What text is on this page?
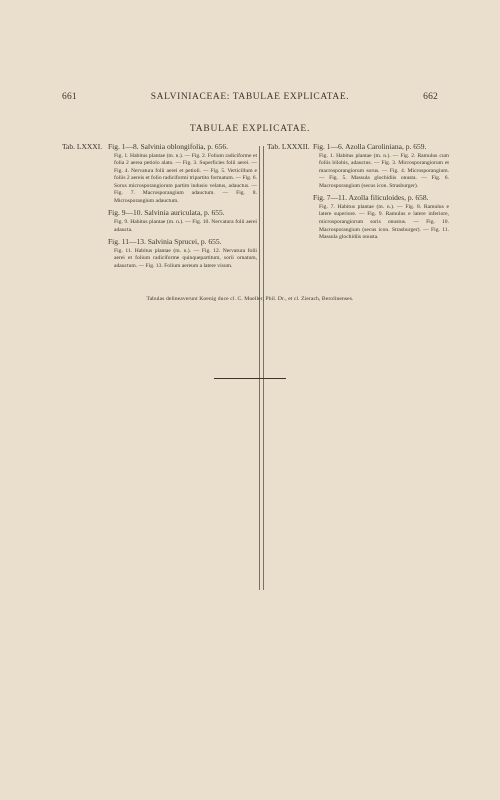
661	SALVINIACEAE: TABULAE EXPLICATAE.	662
TABULAE EXPLICATAE.
Tab. LXXXI. Fig. 1—8. Salvinia oblongifolia, p. 656.
Fig. 1. Habitus plantae (m. n.). — Fig. 2. Folium radiciforme et folia 2 aerea petiolo alato. — Fig. 3. Superficies folii aerei. — Fig. 4. Nervatura folii aerei et petioli. — Fig. 5. Verticillum e foliis 2 aereis et folio radiciformi tripartito formatum. — Fig. 6. Sorus microsporangiorum partim indusio velatus, adauctus. — Fig. 7. Macrosporangium adauctum. — Fig. 8. Microsporangium adauctum.
Fig. 9—10. Salvinia auriculata, p. 655.
Fig. 9. Habitus plantae (m. n.). — Fig. 10. Nervatura folii aerei adaucta.
Fig. 11—13. Salvinia Sprucei, p. 655.
Fig. 11. Habitus plantae (m. n.). — Fig. 12. Nervatura folii aerei et folium radiciforme quinquepartitum, sorii ornatum, adauctum. — Fig. 13. Folium aereum a latere visum.
Tab. LXXXII. Fig. 1—6. Azolla Caroliniana, p. 659.
Fig. 1. Habitus plantae (m. n.). — Fig. 2. Ramulus cum foliis bilobis, adauctus. — Fig. 3. Microsporangiorum et macrosporangiorum sorus. — Fig. 4. Microsporangium. — Fig. 5. Massula glochidiis onusta. — Fig. 6. Macrosporangium (secus icon. Strasburger).
Fig. 7—11. Azolla filiculoides, p. 658.
Fig. 7. Habitus plantae (m. n.). — Fig. 8. Ramulus e latere superiore. — Fig. 9. Ramulus e latere inferiore, microsporangiorum soris onustus. — Fig. 10. Macrosporangium (secus icon. Strasburger). — Fig. 11. Massula glochidiis onusta.
Tabulas delineaverunt Koenig duce cl. C. Mueller, Phil. Dr., et cl. Zierach, Berolinenses.
